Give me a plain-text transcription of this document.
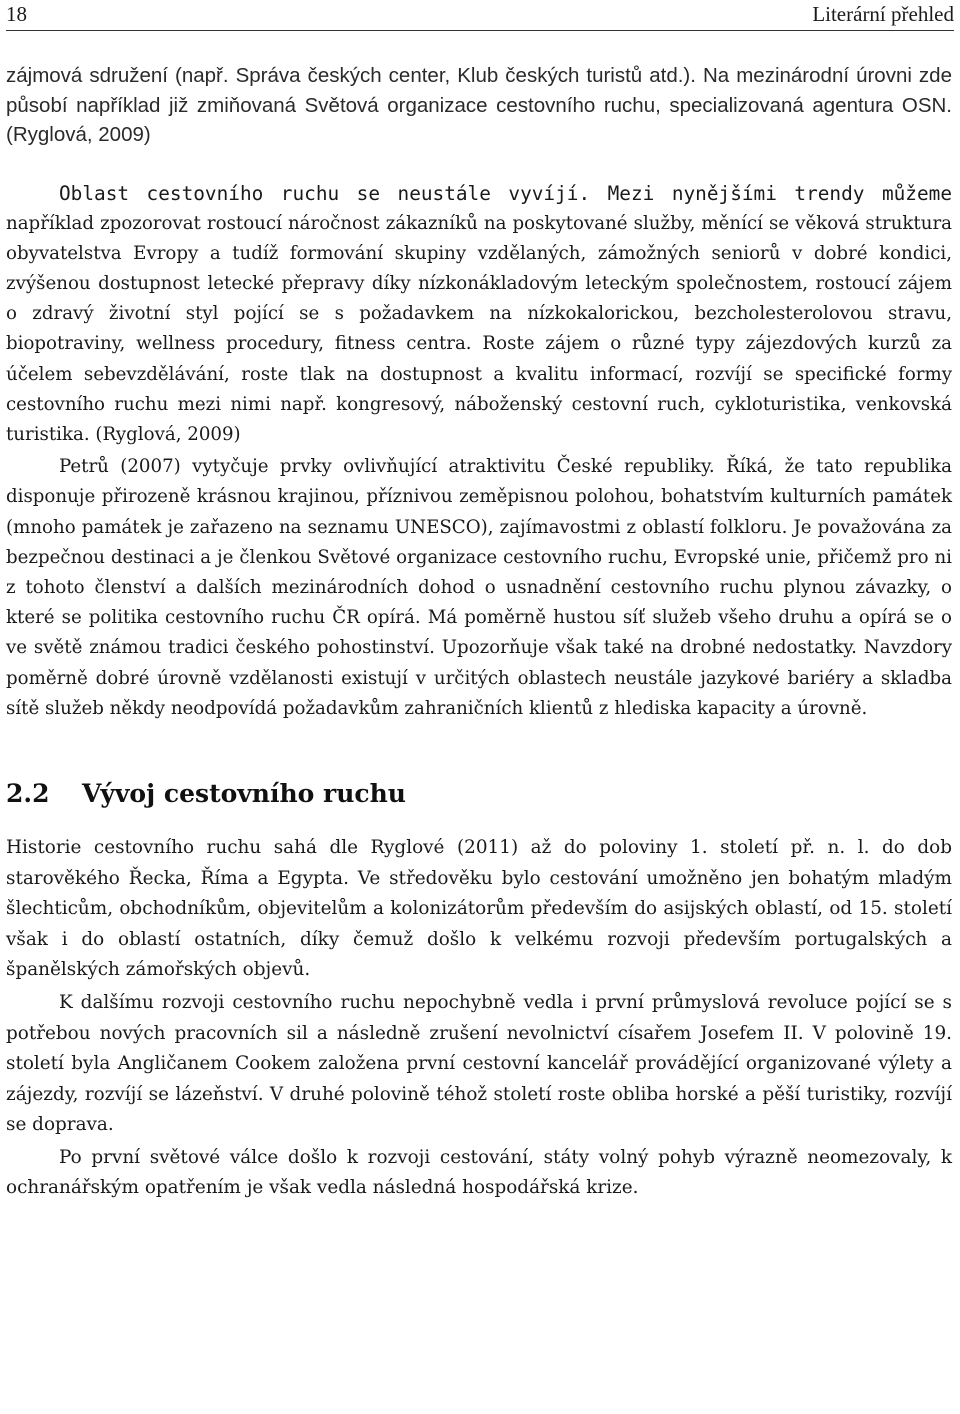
18	Literární přehled

zájmová sdružení (např. Správa českých center, Klub českých turistů atd.). Na mezinárodní úrovni zde působí například již zmiňovaná Světová organizace cestovního ruchu, specializovaná agentura OSN. (Ryglová, 2009)

Oblast cestovního ruchu se neustále vyvíjí. Mezi nynějšími trendy můžeme například zpozorovat rostoucí náročnost zákazníků na poskytované služby, měnící se věková struktura obyvatelstva Evropy a tudíž formování skupiny vzdělaných, zámožných seniorů v dobré kondici, zvýšenou dostupnost letecké přepravy díky nízkonákladovým leteckým společnostem, rostoucí zájem o zdravý životní styl pojící se s požadavkem na nízkokalorickou, bezcholesterolovou stravu, biopotraviny, wellness procedury, fitness centra. Roste zájem o různé typy zájezdových kurzů za účelem sebevzdělávání, roste tlak na dostupnost a kvalitu informací, rozvíjí se specifické formy cestovního ruchu mezi nimi např. kongresový, náboženský cestovní ruch, cykloturistika, venkovská turistika. (Ryglová, 2009)

Petrů (2007) vytyčuje prvky ovlivňující atraktivitu České republiky. Říká, že tato republika disponuje přirozeně krásnou krajinou, příznivou zeměpisnou polohou, bohatstvím kulturních památek (mnoho památek je zařazeno na seznamu UNESCO), zajímavostmi z oblastí folkloru. Je považována za bezpečnou destinaci a je členkou Světové organizace cestovního ruchu, Evropské unie, přičemž pro ni z tohoto členství a dalších mezinárodních dohod o usnadnění cestovního ruchu plynou závazky, o které se politika cestovního ruchu ČR opírá. Má poměrně hustou síť služeb všeho druhu a opírá se o ve světě známou tradici českého pohostinství. Upozorňuje však také na drobné nedostatky. Navzdory poměrně dobré úrovně vzdělanosti existují v určitých oblastech neustále jazykové bariéry a skladba sítě služeb někdy neodpovídá požadavkům zahraničních klientů z hlediska kapacity a úrovně.

2.2 Vývoj cestovního ruchu

Historie cestovního ruchu sahá dle Ryglové (2011) až do poloviny 1. století př. n. l. do dob starověkého Řecka, Říma a Egypta. Ve středověku bylo cestování umožněno jen bohatým mladým šlechticům, obchodníkům, objevitelům a kolonizátorům především do asijských oblastí, od 15. století však i do oblastí ostatních, díky čemuž došlo k velkému rozvoji především portugalských a španělských zámořských objevů.

K dalšímu rozvoji cestovního ruchu nepochybně vedla i první průmyslová revoluce pojící se s potřebou nových pracovních sil a následně zrušení nevolnictví císařem Josefem II. V polovině 19. století byla Angličanem Cookem založena první cestovní kancelář provádějící organizované výlety a zájezdy, rozvíjí se lázeňství. V druhé polovině téhož století roste obliba horské a pěší turistiky, rozvíjí se doprava.

Po první světové válce došlo k rozvoji cestování, státy volný pohyb výrazně neomezovaly, k ochranářským opatřením je však vedla následná hospodářská krize.
